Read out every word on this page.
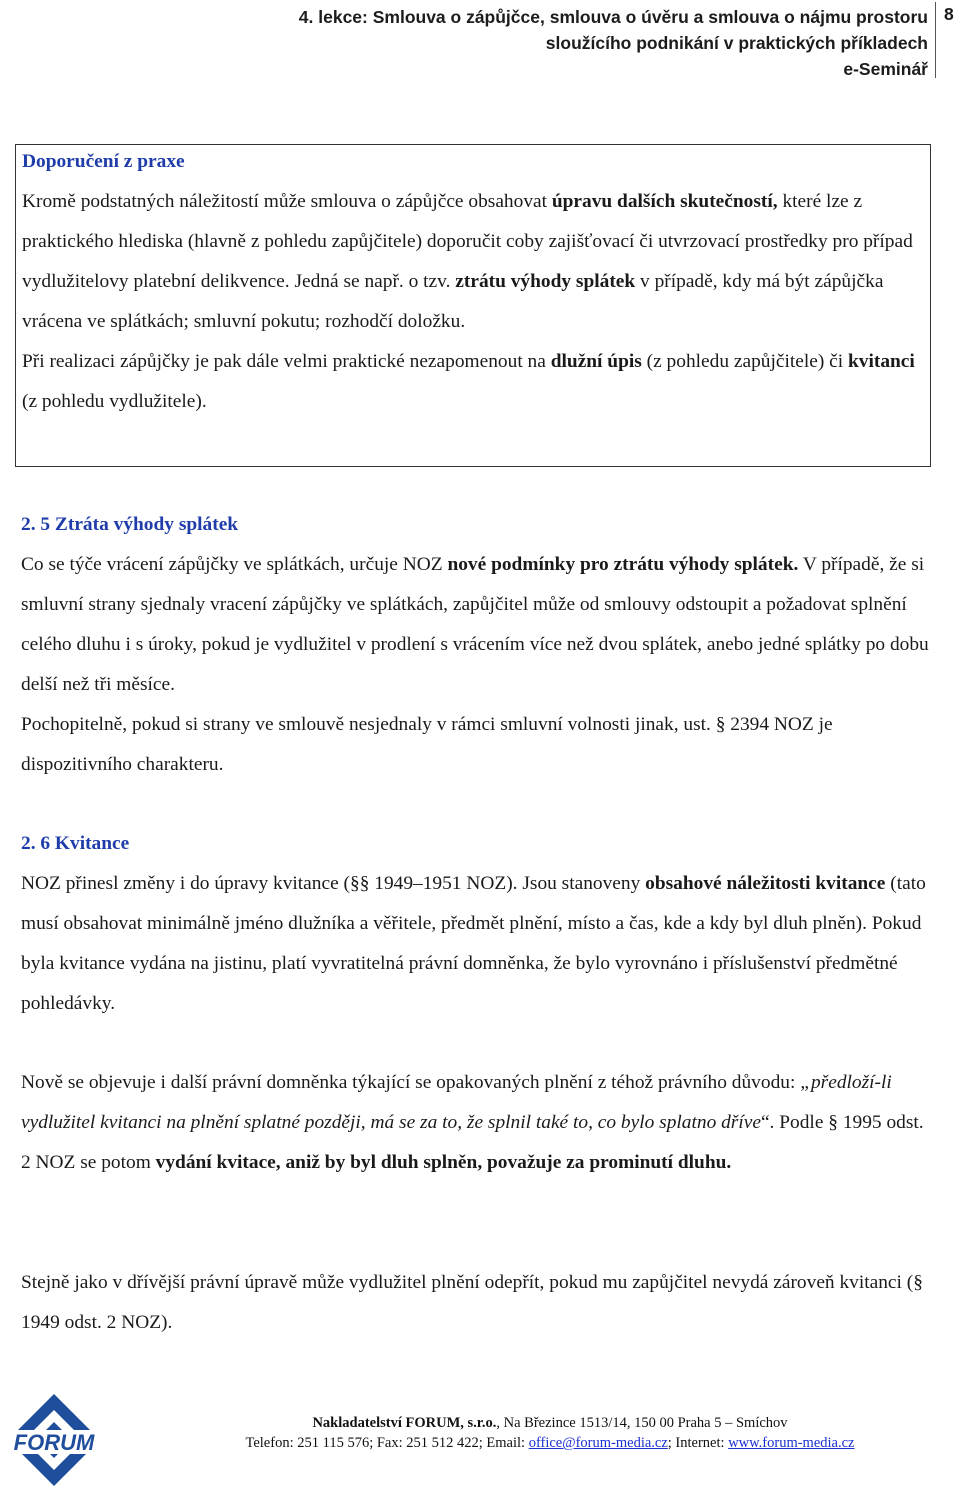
4. lekce: Smlouva o zápůjčce, smlouva o úvěru a smlouva o nájmu prostoru
sloužícího podnikání v praktických příkladech
e-Seminář
8
Doporučení z praxe

Kromě podstatných náležitostí může smlouva o zápůjčce obsahovat úpravu dalších skutečností, které lze z praktického hlediska (hlavně z pohledu zapůjčitele) doporučit coby zajišťovací či utvrzovací prostředky pro případ vydlužitelovy platební delikvence. Jedná se např. o tzv. ztrátu výhody splátek v případě, kdy má být zápůjčka vrácena ve splátkách; smluvní pokutu; rozhodčí doložku.

Při realizaci zápůjčky je pak dále velmi praktické nezapomenout na dlužní úpis (z pohledu zapůjčitele) či kvitanci (z pohledu vydlužitele).

2. 5 Ztráta výhody splátek

Co se týče vrácení zápůjčky ve splátkách, určuje NOZ nové podmínky pro ztrátu výhody splátek. V případě, že si smluvní strany sjednaly vracení zápůjčky ve splátkách, zapůjčitel může od smlouvy odstoupit a požadovat splnění celého dluhu i s úroky, pokud je vydlužitel v prodlení s vrácením více než dvou splátek, anebo jedné splátky po dobu delší než tři měsíce.

Pochopitelně, pokud si strany ve smlouvě nesjednaly v rámci smluvní volnosti jinak, ust. § 2394 NOZ je dispozitivního charakteru.

2. 6 Kvitance

NOZ přinesl změny i do úpravy kvitance (§§ 1949–1951 NOZ). Jsou stanoveny obsahové náležitosti kvitance (tato musí obsahovat minimálně jméno dlužníka a věřitele, předmět plnění, místo a čas, kde a kdy byl dluh plněn). Pokud byla kvitance vydána na jistinu, platí vyvratitelná právní domněnka, že bylo vyrovnáno i příslušenství předmětné pohledávky.

Nově se objevuje i další právní domněnka týkající se opakovaných plnění z téhož právního důvodu: „předloží-li vydlužitel kvitanci na plnění splatné později, má se za to, že splnil také to, co bylo splatno dříve“. Podle § 1995 odst. 2 NOZ se potom vydání kvitace, aniž by byl dluh splněn, považuje za prominutí dluhu.

Stejně jako v dřívější právní úpravě může vydlužitel plnění odepřít, pokud mu zapůjčitel nevydá zároveň kvitanci (§ 1949 odst. 2 NOZ).

FORUM
Nakladatelství FORUM, s.r.o., Na Březince 1513/14, 150 00 Praha 5 – Smíchov
Telefon: 251 115 576; Fax: 251 512 422; Email: office@forum-media.cz; Internet: www.forum-media.cz
